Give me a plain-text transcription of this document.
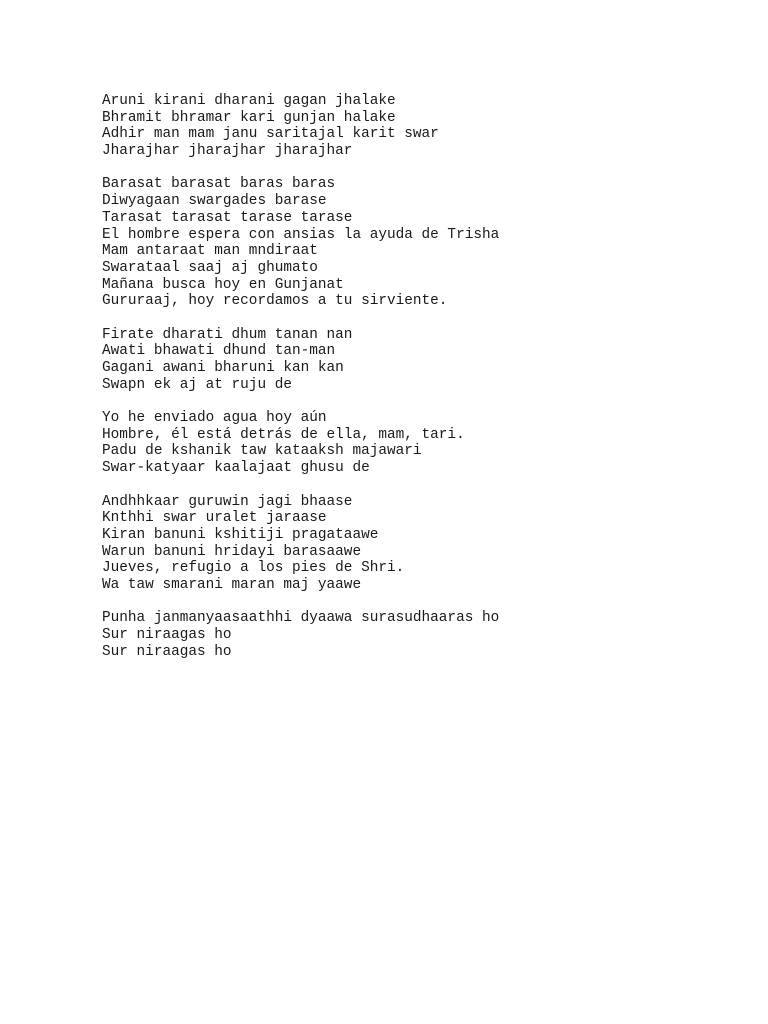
Aruni kirani dharani gagan jhalake
Bhramit bhramar kari gunjan halake
Adhir man mam janu saritajal karit swar
Jharajhar jharajhar jharajhar
Barasat barasat baras baras
Diwyagaan swargades barase
Tarasat tarasat tarase tarase
El hombre espera con ansias la ayuda de Trisha
Mam antaraat man mndiraat
Swarataal saaj aj ghumato
Mañana busca hoy en Gunjanat
Gururaaj, hoy recordamos a tu sirviente.
Firate dharati dhum tanan nan
Awati bhawati dhund tan-man
Gagani awani bharuni kan kan
Swapn ek aj at ruju de
Yo he enviado agua hoy aún
Hombre, él está detrás de ella, mam, tari.
Padu de kshanik taw kataaksh majawari
Swar-katyaar kaalajaat ghusu de
Andhhkaar guruwin jagi bhaase
Knthhi swar uralet jaraase
Kiran banuni kshitiji pragataawe
Warun banuni hridayi barasaawe
Jueves, refugio a los pies de Shri.
Wa taw smarani maran maj yaawe
Punha janmanyaasaathhi dyaawa surasudhaaras ho
Sur niraagas ho
Sur niraagas ho
